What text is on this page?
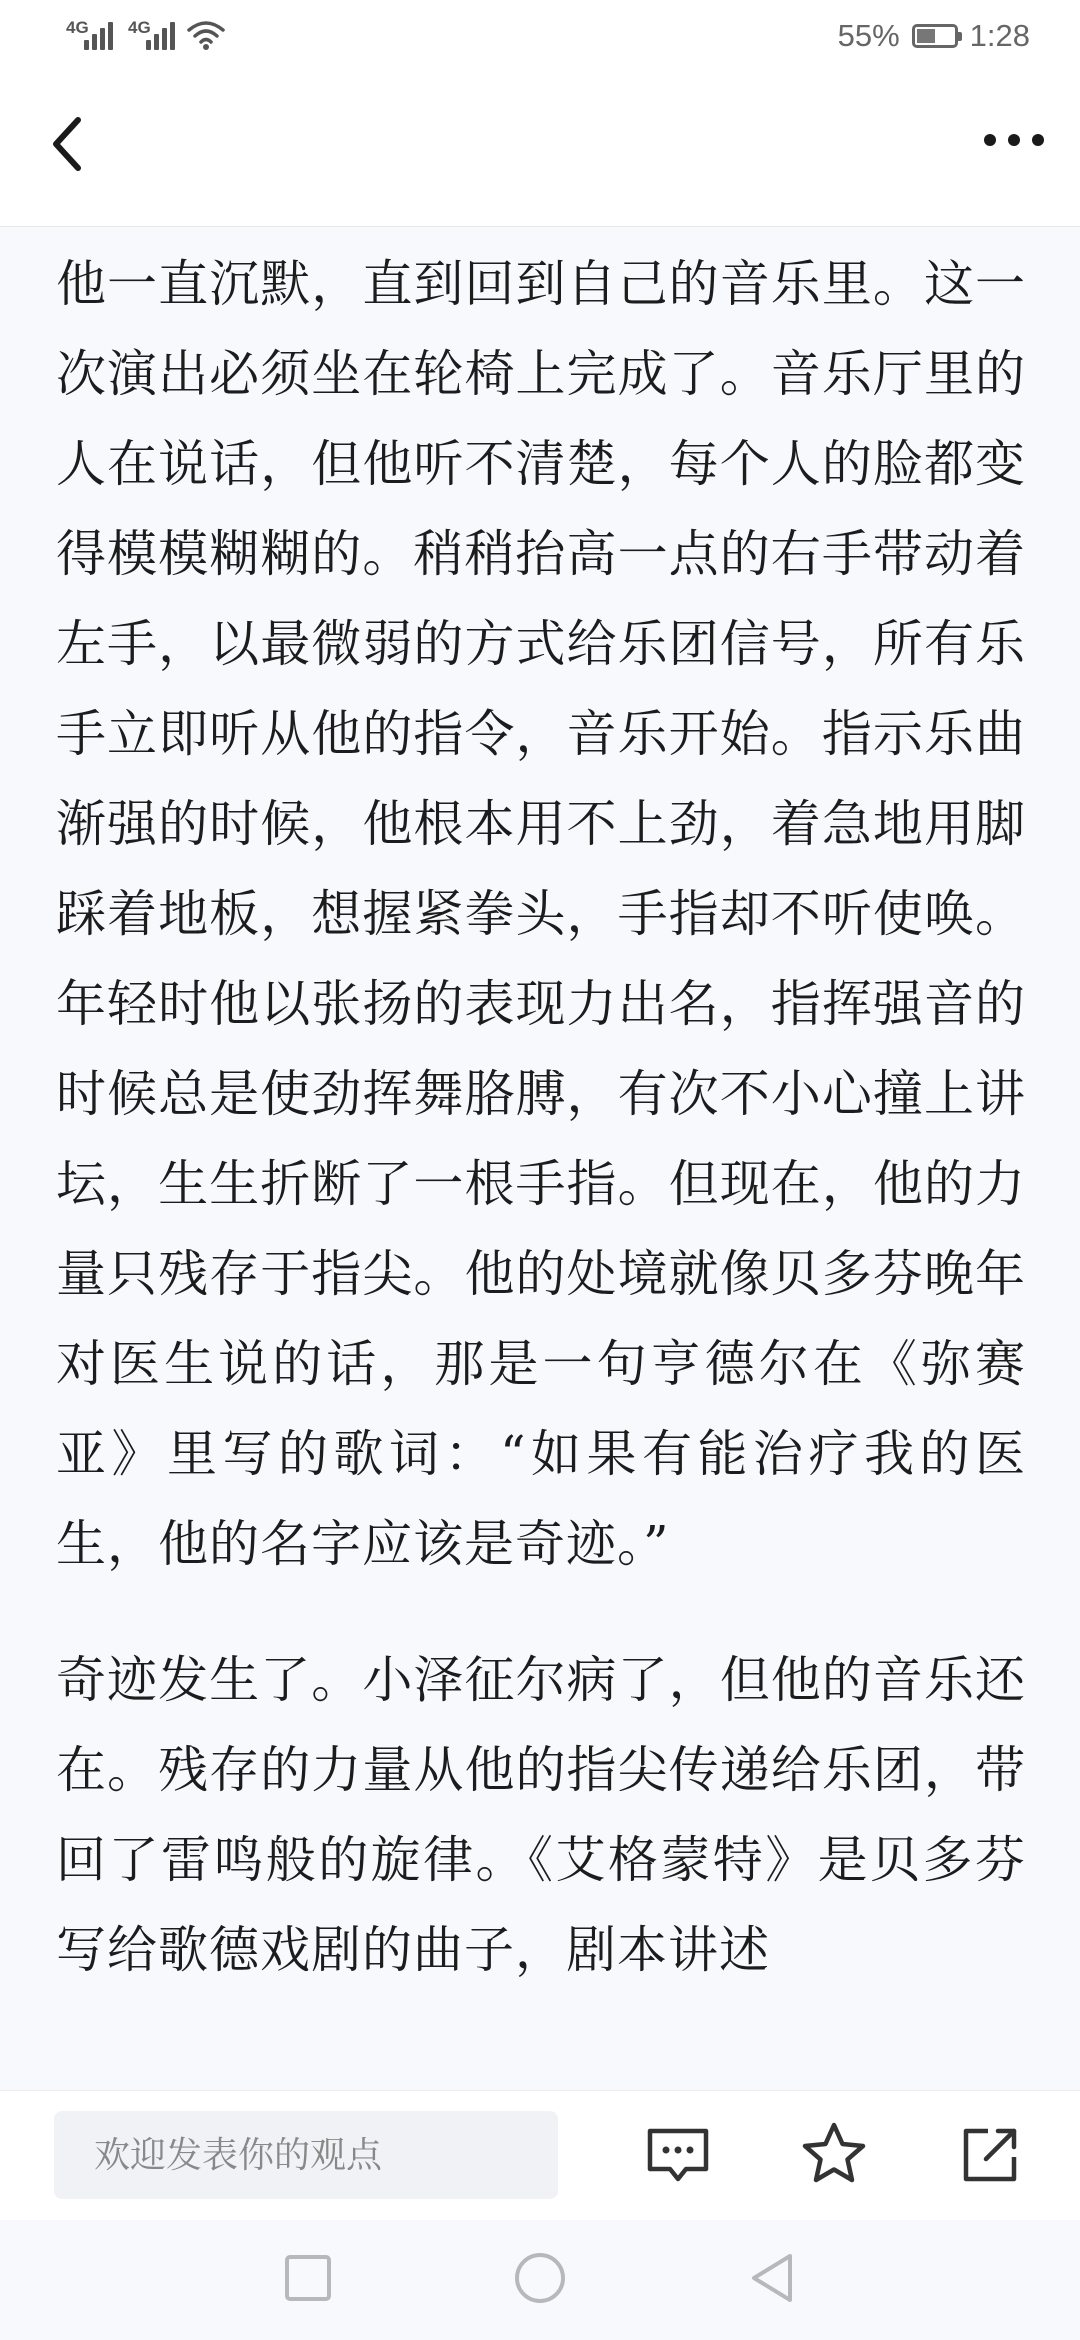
4G 4G	55% 1:28

他一直沉默，直到回到自己的音乐里。这一次演出必须坐在轮椅上完成了。音乐厅里的人在说话，但他听不清楚，每个人的脸都变得模模糊糊的。稍稍抬高一点的右手带动着左手，以最微弱的方式给乐团信号，所有乐手立即听从他的指令，音乐开始。指示乐曲渐强的时候，他根本用不上劲，着急地用脚踩着地板，想握紧拳头，手指却不听使唤。年轻时他以张扬的表现力出名，指挥强音的时候总是使劲挥舞胳膊，有次不小心撞上讲坛，生生折断了一根手指。但现在，他的力量只残存于指尖。他的处境就像贝多芬晚年对医生说的话，那是一句亨德尔在《弥赛亚》里写的歌词：“如果有能治疗我的医生，他的名字应该是奇迹。”

奇迹发生了。小泽征尔病了，但他的音乐还在。残存的力量从他的指尖传递给乐团，带回了雷鸣般的旋律。《艾格蒙特》是贝多芬写给歌德戏剧的曲子，剧本讲述

欢迎发表你的观点
